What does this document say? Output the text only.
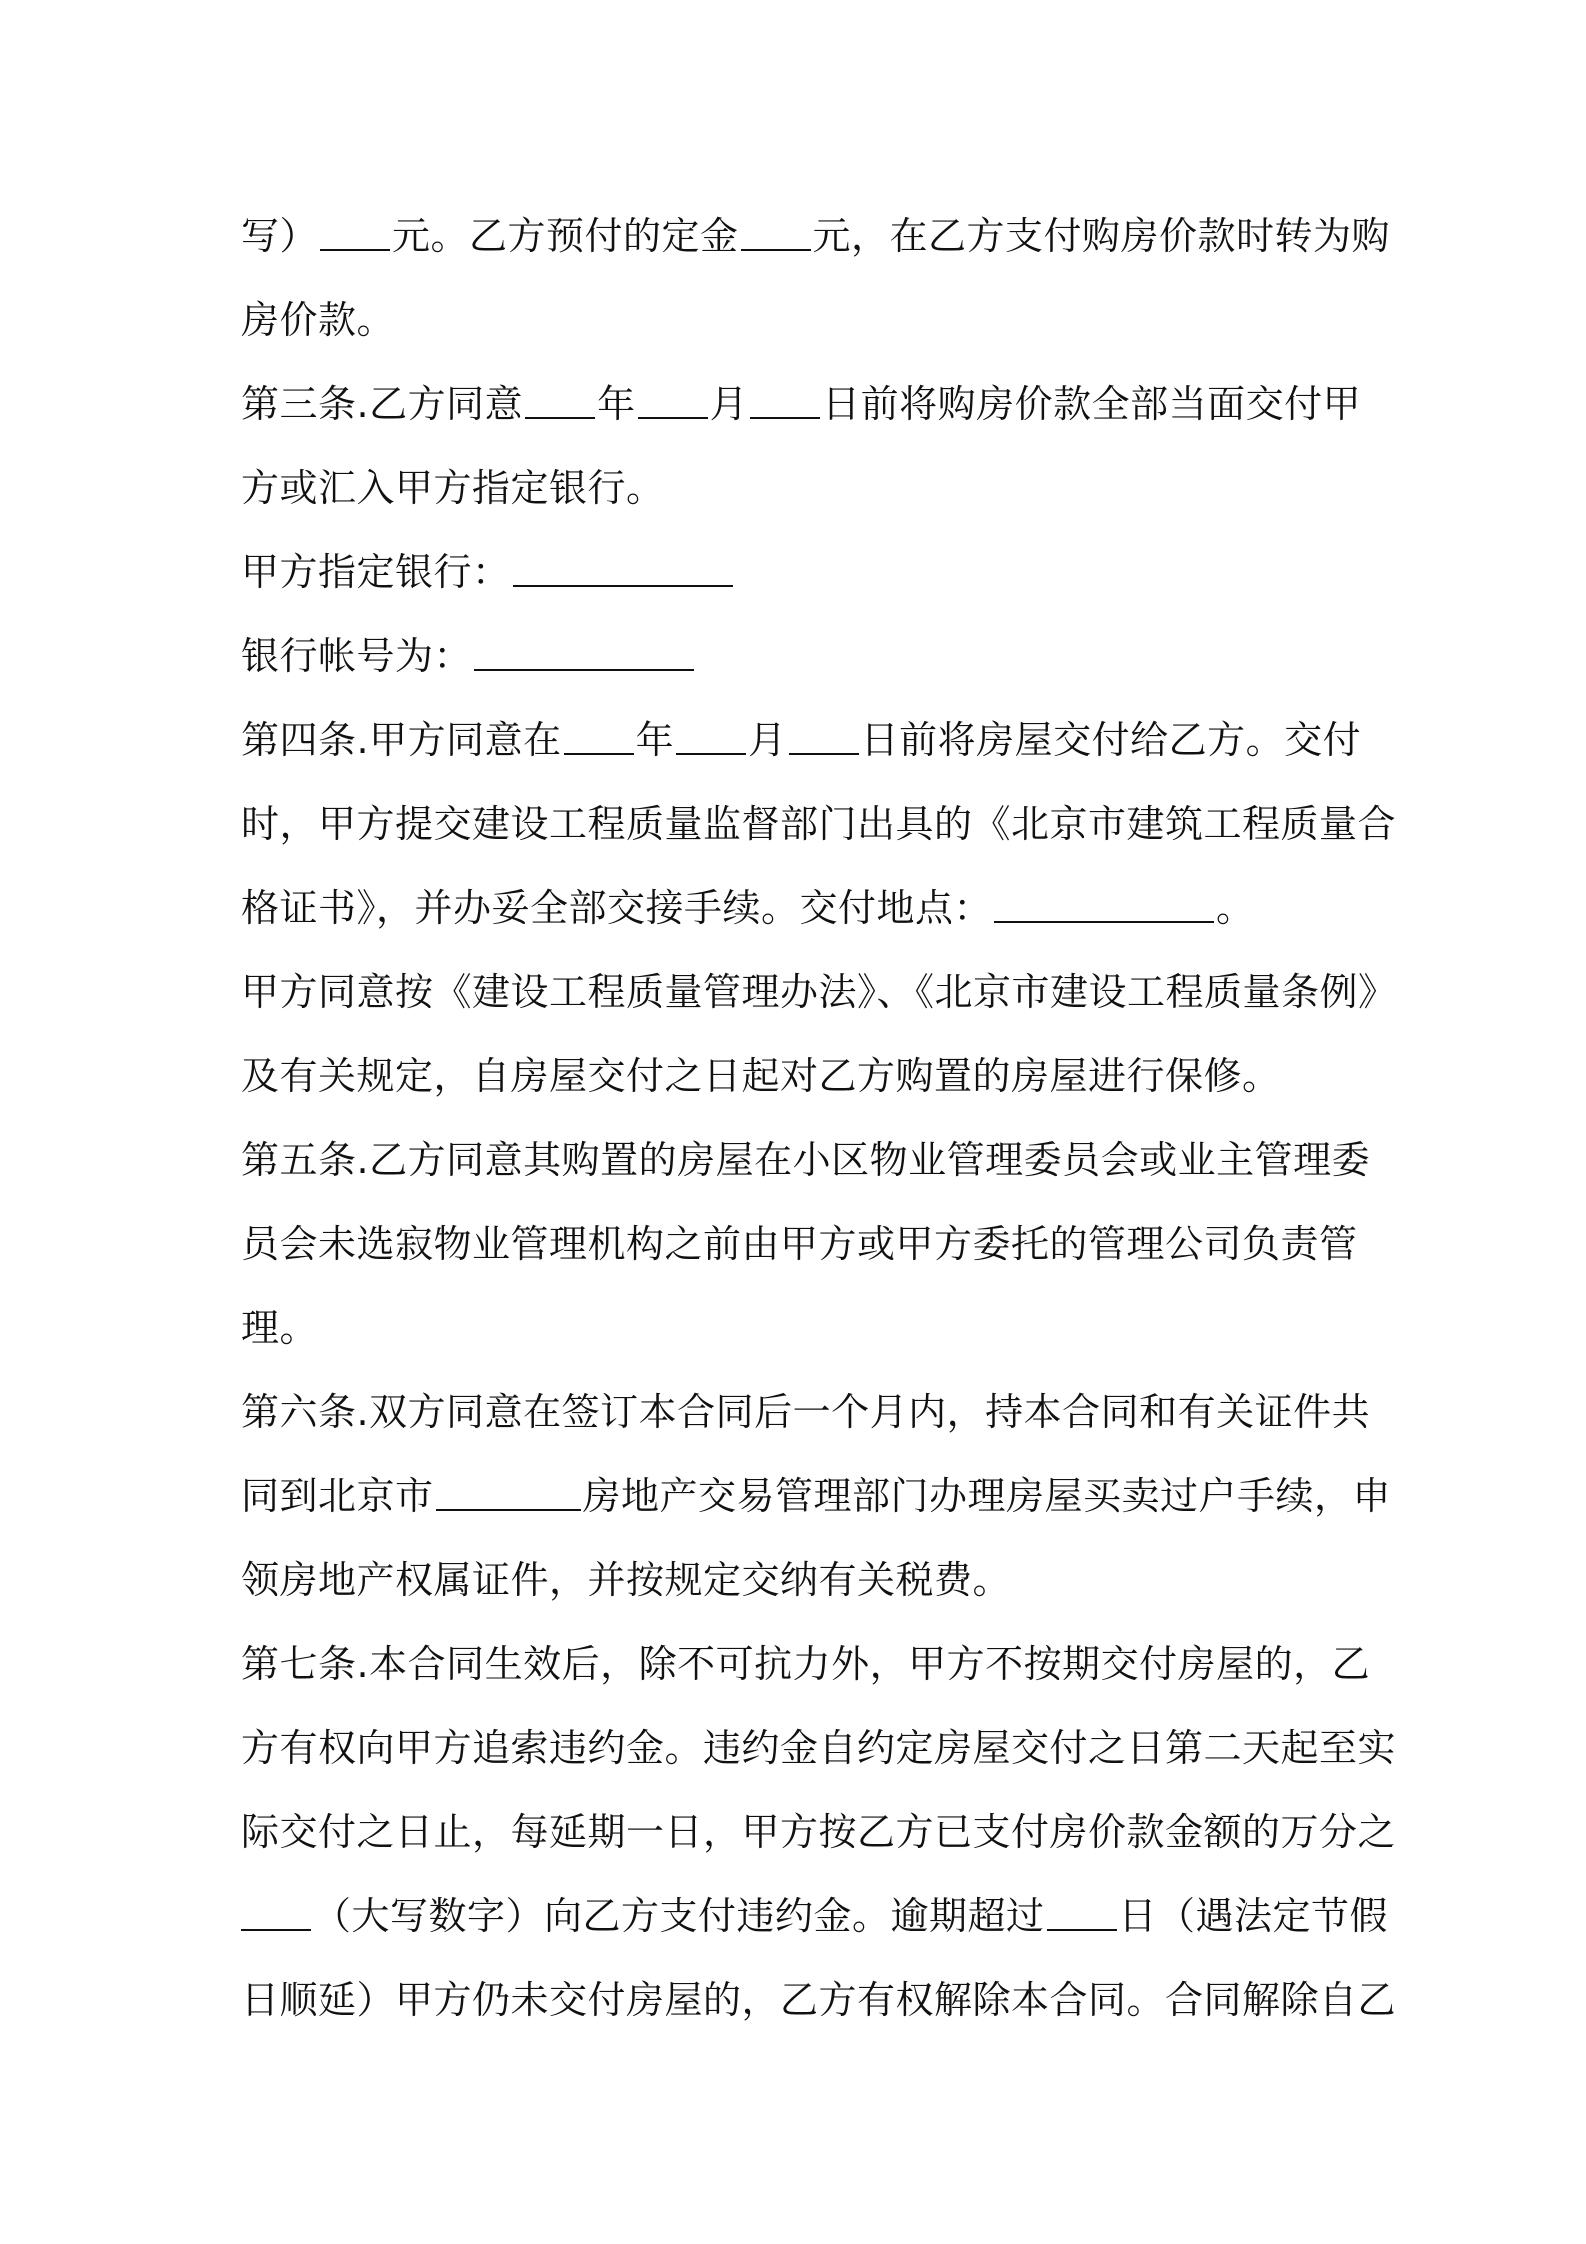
写） 元。乙方预付的定金 元，在乙方支付购房价款时转为购
房价款。
第三条.乙方同意 年 月 日前将购房价款全部当面交付甲
方或汇入甲方指定银行。
甲方指定银行：
银行帐号为：
第四条.甲方同意在 年 月 日前将房屋交付给乙方。交付
时，甲方提交建设工程质量监督部门出具的《北京市建筑工程质量合
格证书》，并办妥全部交接手续。交付地点：	。
甲方同意按《建设工程质量管理办法》、《北京市建设工程质量条例》
及有关规定，自房屋交付之日起对乙方购置的房屋进行保修。
第五条.乙方同意其购置的房屋在小区物业管理委员会或业主管理委
员会未选寂物业管理机构之前由甲方或甲方委托的管理公司负责管
理。
第六条.双方同意在签订本合同后一个月内，持本合同和有关证件共
同到北京市	房地产交易管理部门办理房屋买卖过户手续，申
领房地产权属证件，并按规定交纳有关税费。
第七条.本合同生效后，除不可抗力外，甲方不按期交付房屋的，乙
方有权向甲方追索违约金。违约金自约定房屋交付之日第二天起至实
际交付之日止，每延期一日，甲方按乙方已支付房价款金额的万分之
（大写数字）向乙方支付违约金。逾期超过 日（遇法定节假
日顺延）甲方仍未交付房屋的，乙方有权解除本合同。合同解除自乙
